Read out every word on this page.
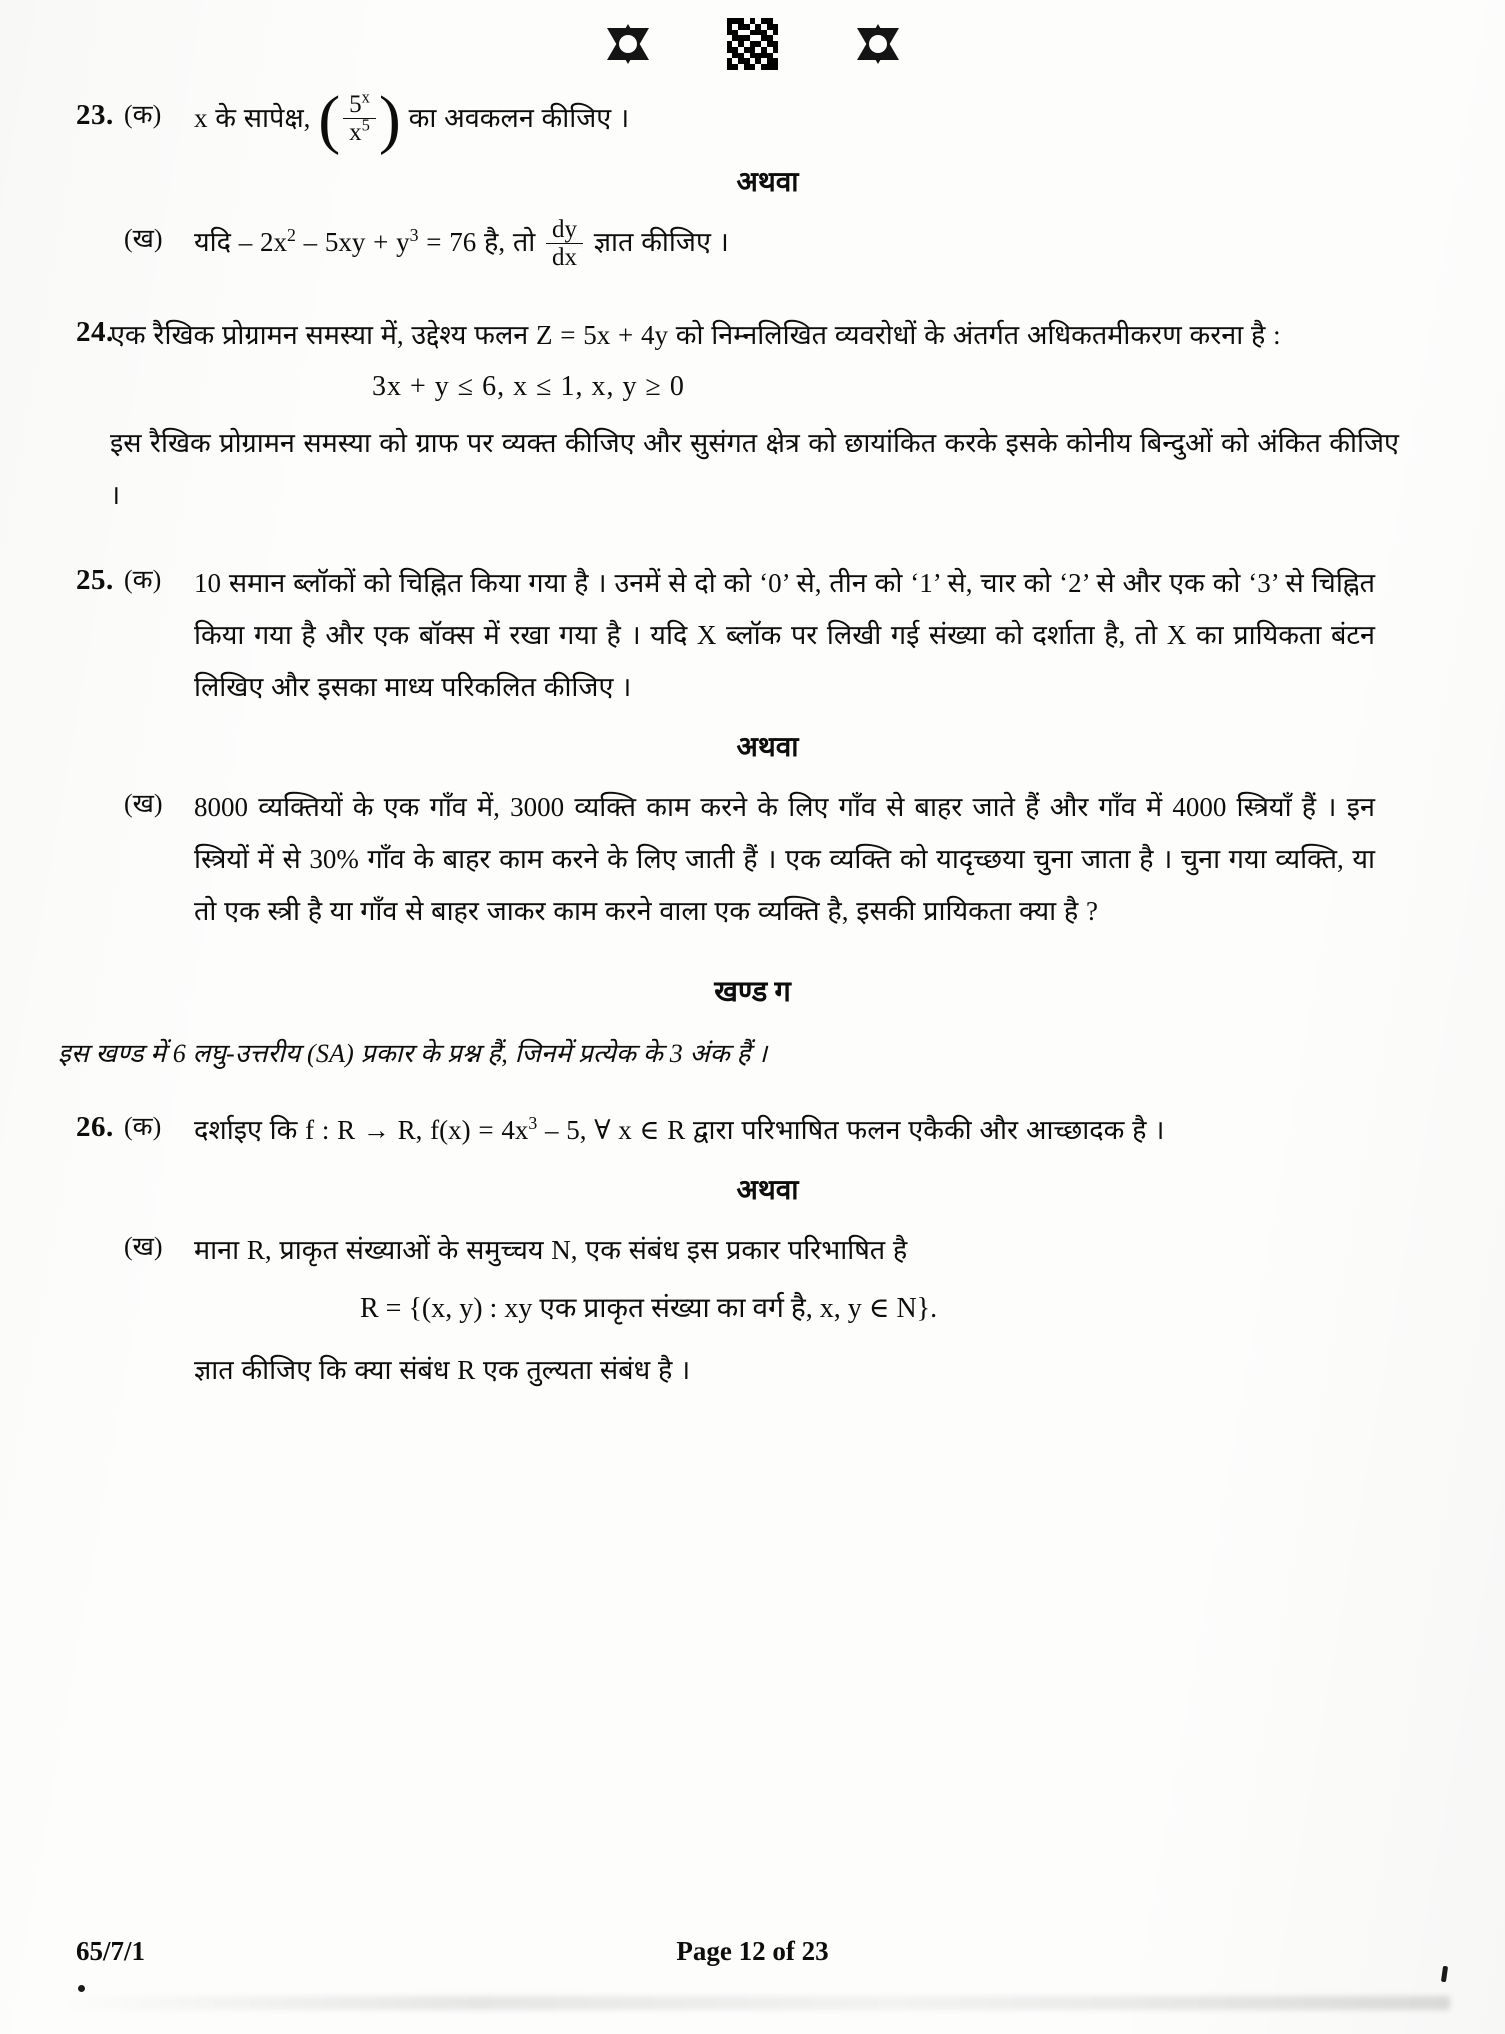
23. (क)	x के सापेक्ष, ( $\frac{5^x}{x^5}$ ) का अवकलन कीजिए ।
अथवा
(ख)	यदि – $2x^2 - 5xy + y^3 = 76$ है, तो $\frac{dy}{dx}$ ज्ञात कीजिए ।
24.
एक रैखिक प्रोग्रामन समस्या में, उद्देश्य फलन Z = 5x + 4y को निम्नलिखित व्यवरोधों के अंतर्गत अधिकतमीकरण करना है :
3x + y ≤ 6, x ≤ 1, x, y ≥ 0
इस रैखिक प्रोग्रामन समस्या को ग्राफ पर व्यक्त कीजिए और सुसंगत क्षेत्र को छायांकित करके इसके कोनीय बिन्दुओं को अंकित कीजिए ।
25. (क)	10 समान ब्लॉकों को चिह्नित किया गया है । उनमें से दो को ‘0’ से, तीन को ‘1’ से, चार को ‘2’ से और एक को ‘3’ से चिह्नित किया गया है और एक बॉक्स में रखा गया है । यदि X ब्लॉक पर लिखी गई संख्या को दर्शाता है, तो X का प्रायिकता बंटन लिखिए और इसका माध्य परिकलित कीजिए ।
अथवा
(ख)	8000 व्यक्तियों के एक गाँव में, 3000 व्यक्ति काम करने के लिए गाँव से बाहर जाते हैं और गाँव में 4000 स्त्रियाँ हैं । इन स्त्रियों में से 30% गाँव के बाहर काम करने के लिए जाती हैं । एक व्यक्ति को यादृच्छया चुना जाता है । चुना गया व्यक्ति, या तो एक स्त्री है या गाँव से बाहर जाकर काम करने वाला एक व्यक्ति है, इसकी प्रायिकता क्या है ?
खण्ड ग
इस खण्ड में 6 लघु-उत्तरीय (SA) प्रकार के प्रश्न हैं, जिनमें प्रत्येक के 3 अंक हैं ।
26. (क)	दर्शाइए कि f : R → R, $f(x) = 4x^3 - 5$, ∀ x ∈ R द्वारा परिभाषित फलन एकैकी और आच्छादक है ।
अथवा
(ख)	माना R, प्राकृत संख्याओं के समुच्चय N, एक संबंध इस प्रकार परिभाषित है
R = {(x, y) : xy एक प्राकृत संख्या का वर्ग है, x, y ∈ N}.
ज्ञात कीजिए कि क्या संबंध R एक तुल्यता संबंध है ।
65/7/1	Page 12 of 23
